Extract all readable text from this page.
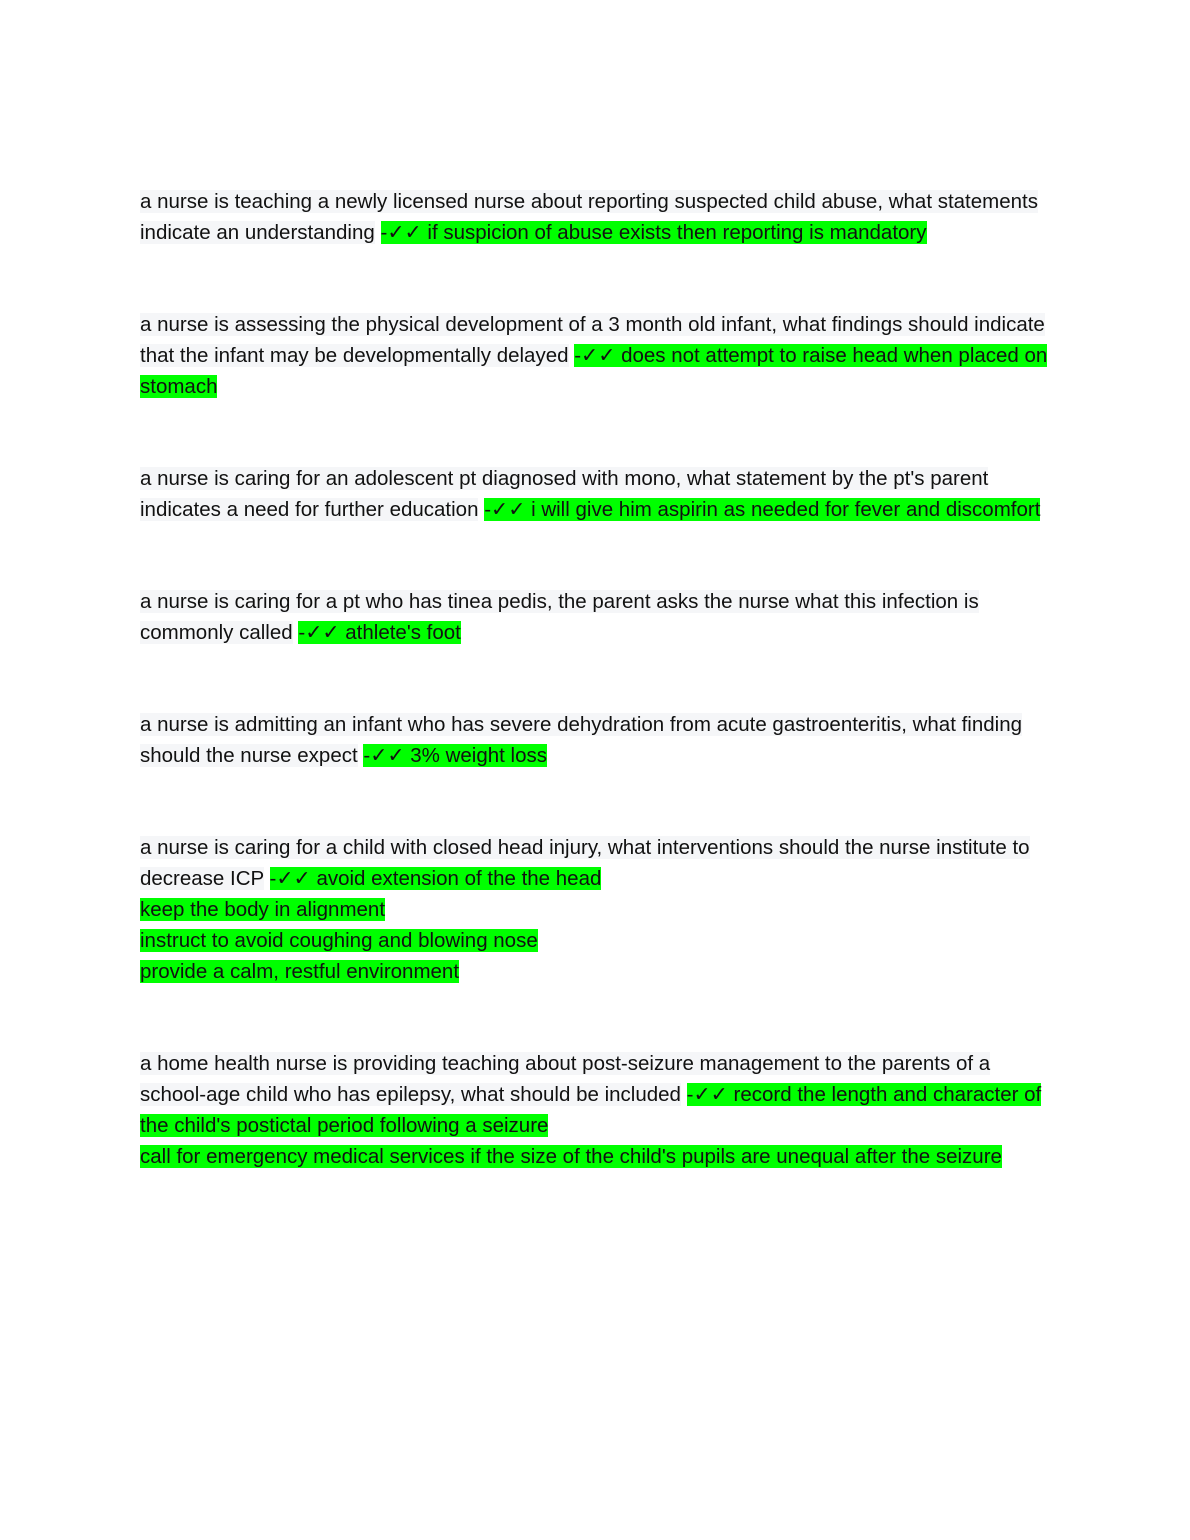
a nurse is teaching a newly licensed nurse about reporting suspected child abuse, what statements indicate an understanding -✓✓ if suspicion of abuse exists then reporting is mandatory

a nurse is assessing the physical development of a 3 month old infant, what findings should indicate that the infant may be developmentally delayed -✓✓ does not attempt to raise head when placed on stomach

a nurse is caring for an adolescent pt diagnosed with mono, what statement by the pt's parent indicates a need for further education -✓✓ i will give him aspirin as needed for fever and discomfort

a nurse is caring for a pt who has tinea pedis, the parent asks the nurse what this infection is commonly called -✓✓ athlete's foot

a nurse is admitting an infant who has severe dehydration from acute gastroenteritis, what finding should the nurse expect -✓✓ 3% weight loss

a nurse is caring for a child with closed head injury, what interventions should the nurse institute to decrease ICP -✓✓ avoid extension of the the head

keep the body in alignment

instruct to avoid coughing and blowing nose

provide a calm, restful environment

a home health nurse is providing teaching about post-seizure management to the parents of a school-age child who has epilepsy, what should be included -✓✓ record the length and character of the child's postictal period following a seizure

call for emergency medical services if the size of the child's pupils are unequal after the seizure
